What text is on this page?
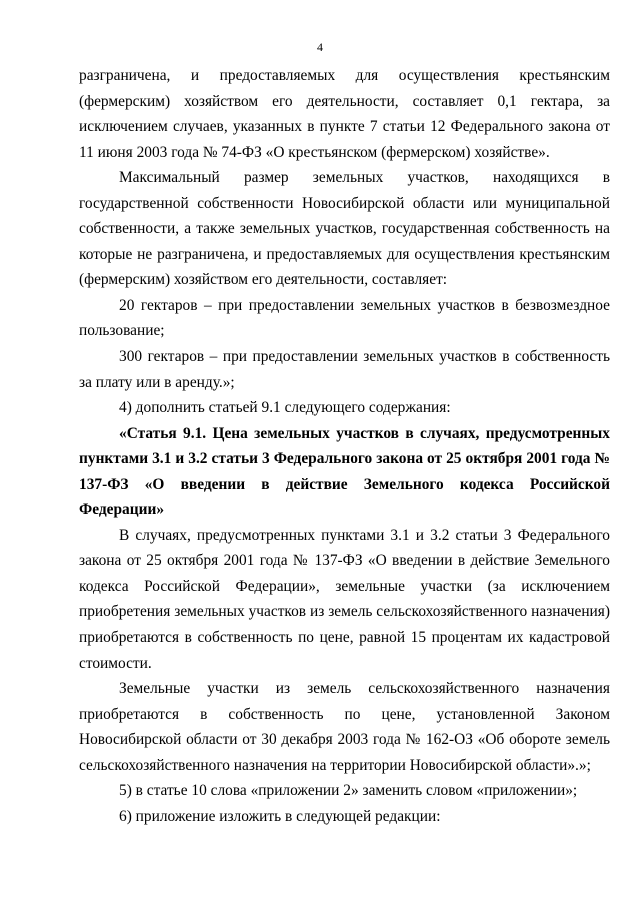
4

разграничена, и предоставляемых для осуществления крестьянским (фермерским) хозяйством его деятельности, составляет 0,1 гектара, за исключением случаев, указанных в пункте 7 статьи 12 Федерального закона от 11 июня 2003 года № 74-ФЗ «О крестьянском (фермерском) хозяйстве».

Максимальный размер земельных участков, находящихся в государственной собственности Новосибирской области или муниципальной собственности, а также земельных участков, государственная собственность на которые не разграничена, и предоставляемых для осуществления крестьянским (фермерским) хозяйством его деятельности, составляет:

20 гектаров – при предоставлении земельных участков в безвозмездное пользование;

300 гектаров – при предоставлении земельных участков в собственность за плату или в аренду.»;

4) дополнить статьей 9.1 следующего содержания:

«Статья 9.1. Цена земельных участков в случаях, предусмотренных пунктами 3.1 и 3.2 статьи 3 Федерального закона от 25 октября 2001 года № 137-ФЗ «О введении в действие Земельного кодекса Российской Федерации»

В случаях, предусмотренных пунктами 3.1 и 3.2 статьи 3 Федерального закона от 25 октября 2001 года № 137-ФЗ «О введении в действие Земельного кодекса Российской Федерации», земельные участки (за исключением приобретения земельных участков из земель сельскохозяйственного назначения) приобретаются в собственность по цене, равной 15 процентам их кадастровой стоимости.

Земельные участки из земель сельскохозяйственного назначения приобретаются в собственность по цене, установленной Законом Новосибирской области от 30 декабря 2003 года № 162-ОЗ «Об обороте земель сельскохозяйственного назначения на территории Новосибирской области».»;

5) в статье 10 слова «приложении 2» заменить словом «приложении»;

6) приложение изложить в следующей редакции:
